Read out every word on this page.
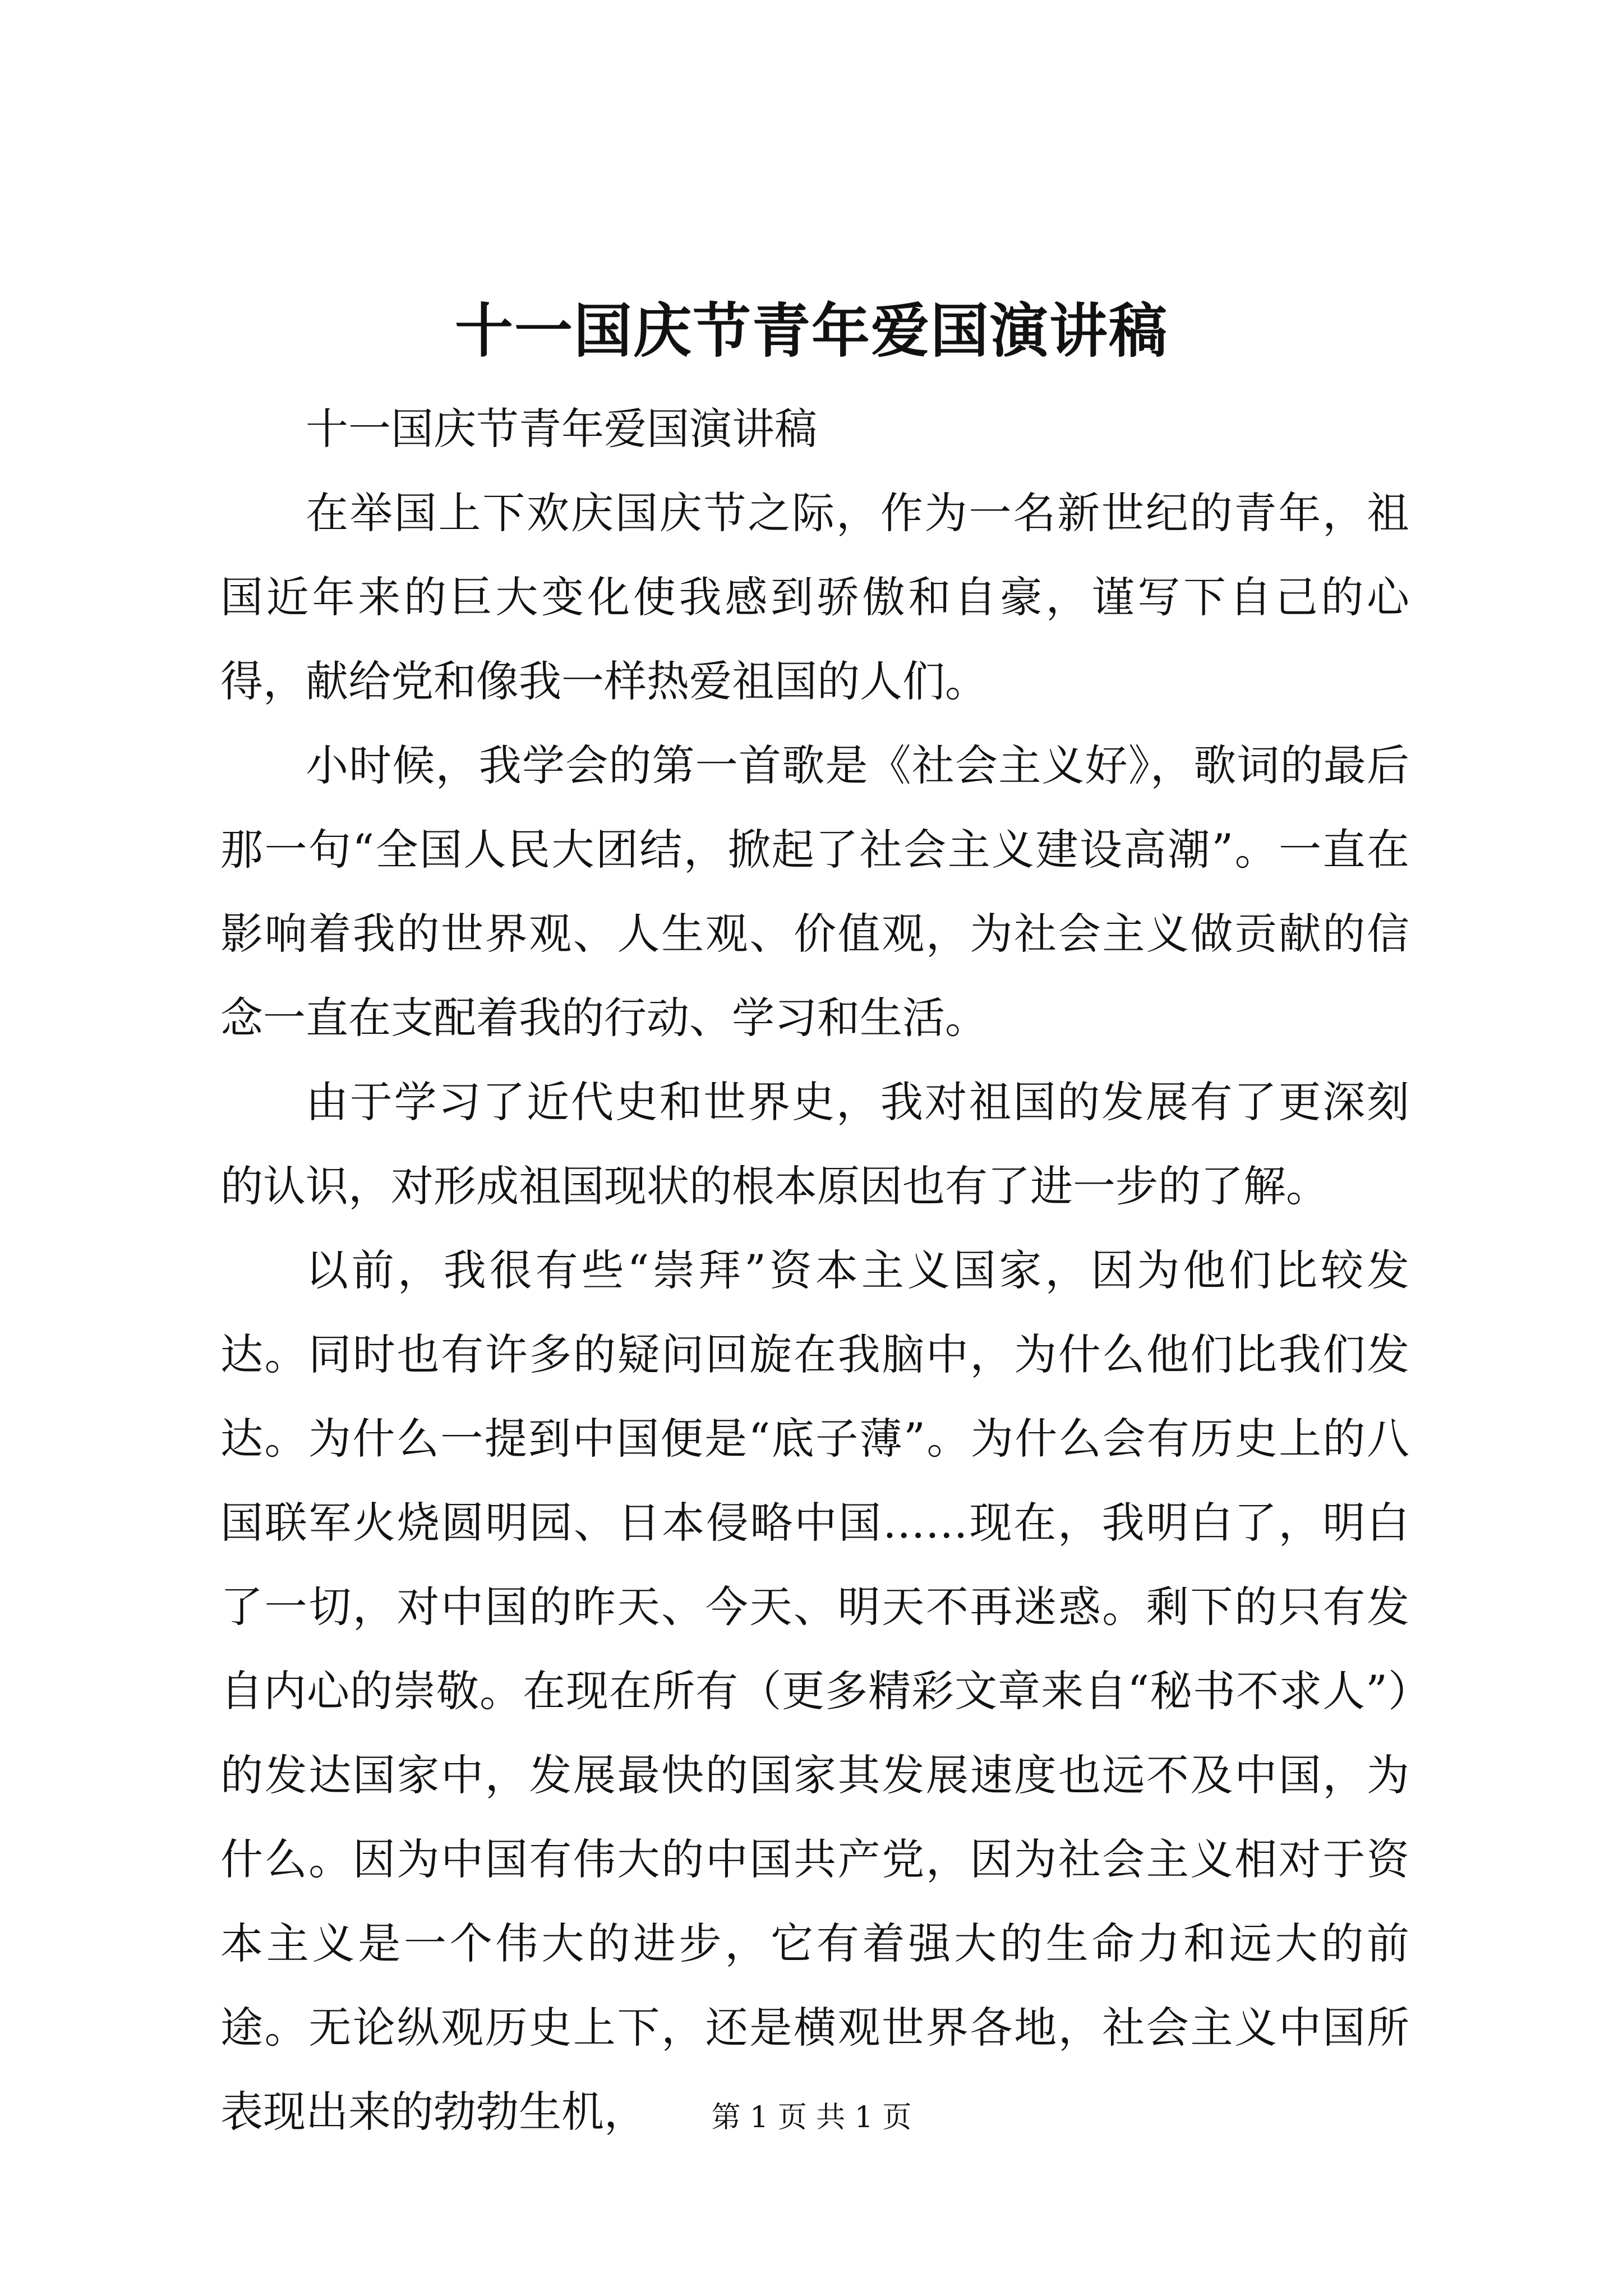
十一国庆节青年爱国演讲稿

十一国庆节青年爱国演讲稿

在举国上下欢庆国庆节之际，作为一名新世纪的青年，祖国近年来的巨大变化使我感到骄傲和自豪，谨写下自己的心得，献给党和像我一样热爱祖国的人们。

小时候，我学会的第一首歌是《社会主义好》，歌词的最后那一句“全国人民大团结，掀起了社会主义建设高潮”。一直在影响着我的世界观、人生观、价值观，为社会主义做贡献的信念一直在支配着我的行动、学习和生活。

由于学习了近代史和世界史，我对祖国的发展有了更深刻的认识，对形成祖国现状的根本原因也有了进一步的了解。

以前，我很有些“崇拜”资本主义国家，因为他们比较发达。同时也有许多的疑问回旋在我脑中，为什么他们比我们发达。为什么一提到中国便是“底子薄”。为什么会有历史上的八国联军火烧圆明园、日本侵略中国……现在，我明白了，明白了一切，对中国的昨天、今天、明天不再迷惑。剩下的只有发自内心的崇敬。在现在所有（更多精彩文章来自“秘书不求人”）的发达国家中，发展最快的国家其发展速度也远不及中国，为什么。因为中国有伟大的中国共产党，因为社会主义相对于资本主义是一个伟大的进步，它有着强大的生命力和远大的前途。无论纵观历史上下，还是横观世界各地，社会主义中国所表现出来的勃勃生机，	第 1 页 共 1 页
